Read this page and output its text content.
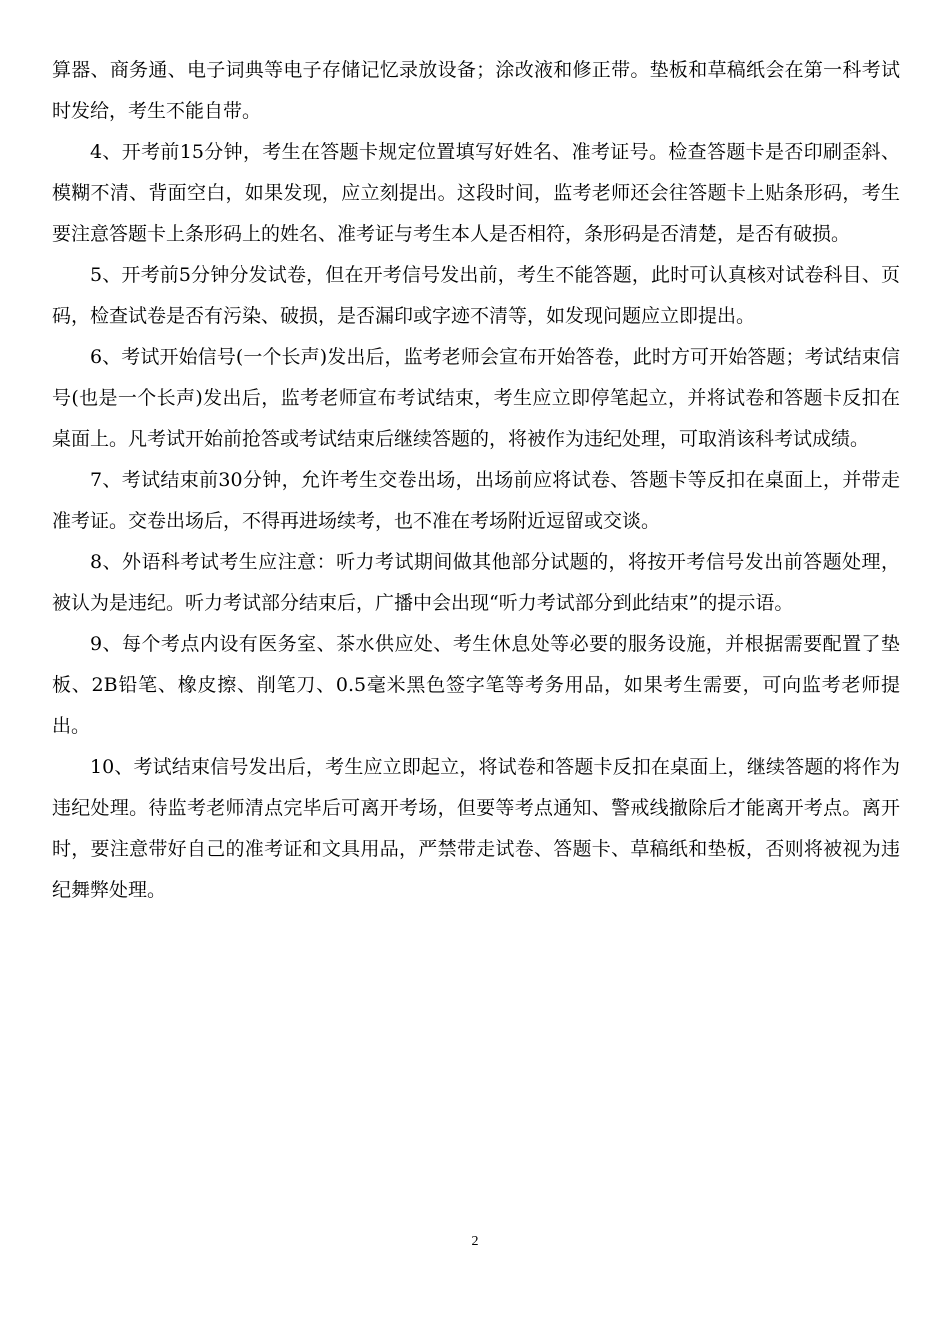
算器、商务通、电子词典等电子存储记忆录放设备；涂改液和修正带。垫板和草稿纸会在第一科考试时发给，考生不能自带。

4、开考前15分钟，考生在答题卡规定位置填写好姓名、准考证号。检查答题卡是否印刷歪斜、模糊不清、背面空白，如果发现，应立刻提出。这段时间，监考老师还会往答题卡上贴条形码，考生要注意答题卡上条形码上的姓名、准考证与考生本人是否相符，条形码是否清楚，是否有破损。

5、开考前5分钟分发试卷，但在开考信号发出前，考生不能答题，此时可认真核对试卷科目、页码，检查试卷是否有污染、破损，是否漏印或字迹不清等，如发现问题应立即提出。

6、考试开始信号(一个长声)发出后，监考老师会宣布开始答卷，此时方可开始答题；考试结束信号(也是一个长声)发出后，监考老师宣布考试结束，考生应立即停笔起立，并将试卷和答题卡反扣在桌面上。凡考试开始前抢答或考试结束后继续答题的，将被作为违纪处理，可取消该科考试成绩。

7、考试结束前30分钟，允许考生交卷出场，出场前应将试卷、答题卡等反扣在桌面上，并带走准考证。交卷出场后，不得再进场续考，也不准在考场附近逗留或交谈。

8、外语科考试考生应注意：听力考试期间做其他部分试题的，将按开考信号发出前答题处理，被认为是违纪。听力考试部分结束后，广播中会出现“听力考试部分到此结束”的提示语。

9、每个考点内设有医务室、茶水供应处、考生休息处等必要的服务设施，并根据需要配置了垫板、2B铅笔、橡皮擦、削笔刀、0.5毫米黑色签字笔等考务用品，如果考生需要，可向监考老师提出。

10、考试结束信号发出后，考生应立即起立，将试卷和答题卡反扣在桌面上，继续答题的将作为违纪处理。待监考老师清点完毕后可离开考场，但要等考点通知、警戒线撤除后才能离开考点。离开时，要注意带好自己的准考证和文具用品，严禁带走试卷、答题卡、草稿纸和垫板，否则将被视为违纪舞弊处理。

2
